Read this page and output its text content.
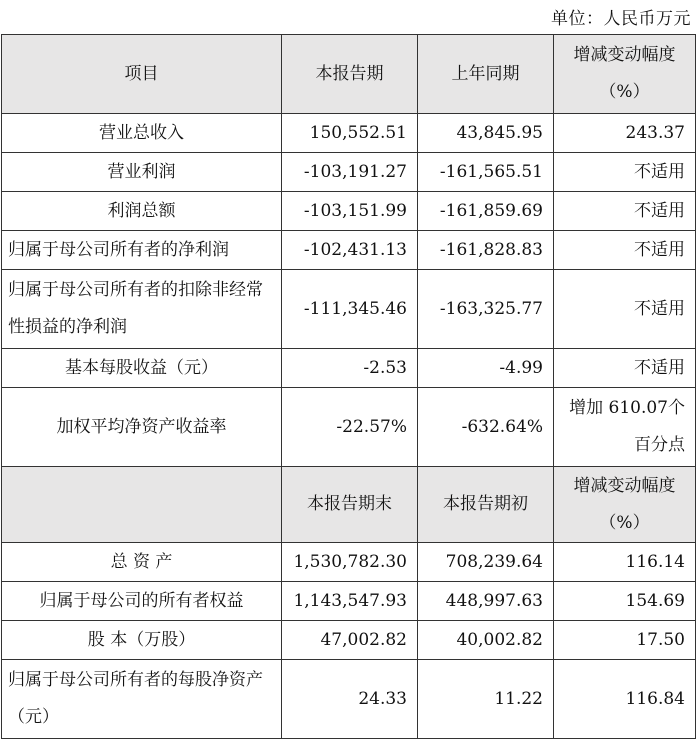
单位：人民币万元
项目	本报告期	上年同期	增减变动幅度（%）
营业总收入	150,552.51	43,845.95	243.37
营业利润	-103,191.27	-161,565.51	不适用
利润总额	-103,151.99	-161,859.69	不适用
归属于母公司所有者的净利润	-102,431.13	-161,828.83	不适用
归属于母公司所有者的扣除非经常性损益的净利润	-111,345.46	-163,325.77	不适用
基本每股收益（元）	-2.53	-4.99	不适用
加权平均净资产收益率	-22.57%	-632.64%	增加 610.07个百分点
	本报告期末	本报告期初	增减变动幅度（%）
总 资 产	1,530,782.30	708,239.64	116.14
归属于母公司的所有者权益	1,143,547.93	448,997.63	154.69
股 本（万股）	47,002.82	40,002.82	17.50
归属于母公司所有者的每股净资产（元）	24.33	11.22	116.84
